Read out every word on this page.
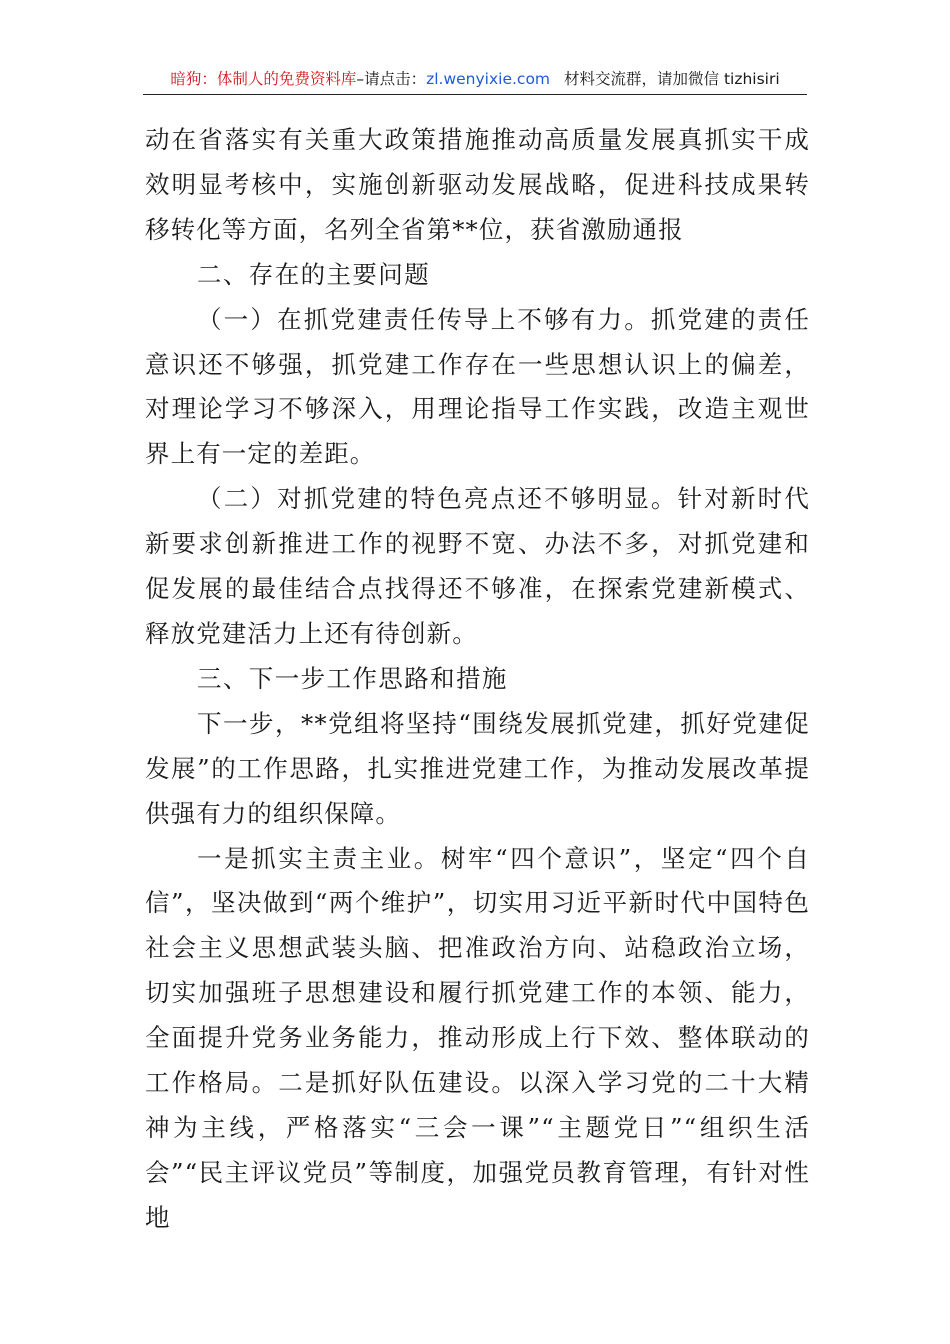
暗狗：体制人的免费资料库 –请点击： zl.wenyixie.com 材料交流群，请加微信 tizhisiri

动在省落实有关重大政策措施推动高质量发展真抓实干成效明显考核中，实施创新驱动发展战略，促进科技成果转移转化等方面，名列全省第**位，获省激励通报

二、存在的主要问题

（一）在抓党建责任传导上不够有力。抓党建的责任意识还不够强，抓党建工作存在一些思想认识上的偏差，对理论学习不够深入，用理论指导工作实践，改造主观世界上有一定的差距。

（二）对抓党建的特色亮点还不够明显。针对新时代新要求创新推进工作的视野不宽、办法不多，对抓党建和促发展的最佳结合点找得还不够准，在探索党建新模式、释放党建活力上还有待创新。

三、下一步工作思路和措施

下一步，**党组将坚持“围绕发展抓党建，抓好党建促发展”的工作思路，扎实推进党建工作，为推动发展改革提供强有力的组织保障。

一是抓实主责主业。树牢“四个意识”，坚定“四个自信”，坚决做到“两个维护”，切实用习近平新时代中国特色社会主义思想武装头脑、把准政治方向、站稳政治立场，切实加强班子思想建设和履行抓党建工作的本领、能力，全面提升党务业务能力，推动形成上行下效、整体联动的工作格局。二是抓好队伍建设。以深入学习党的二十大精神为主线，严格落实“三会一课”“主题党日”“组织生活会”“民主评议党员”等制度，加强党员教育管理，有针对性地
